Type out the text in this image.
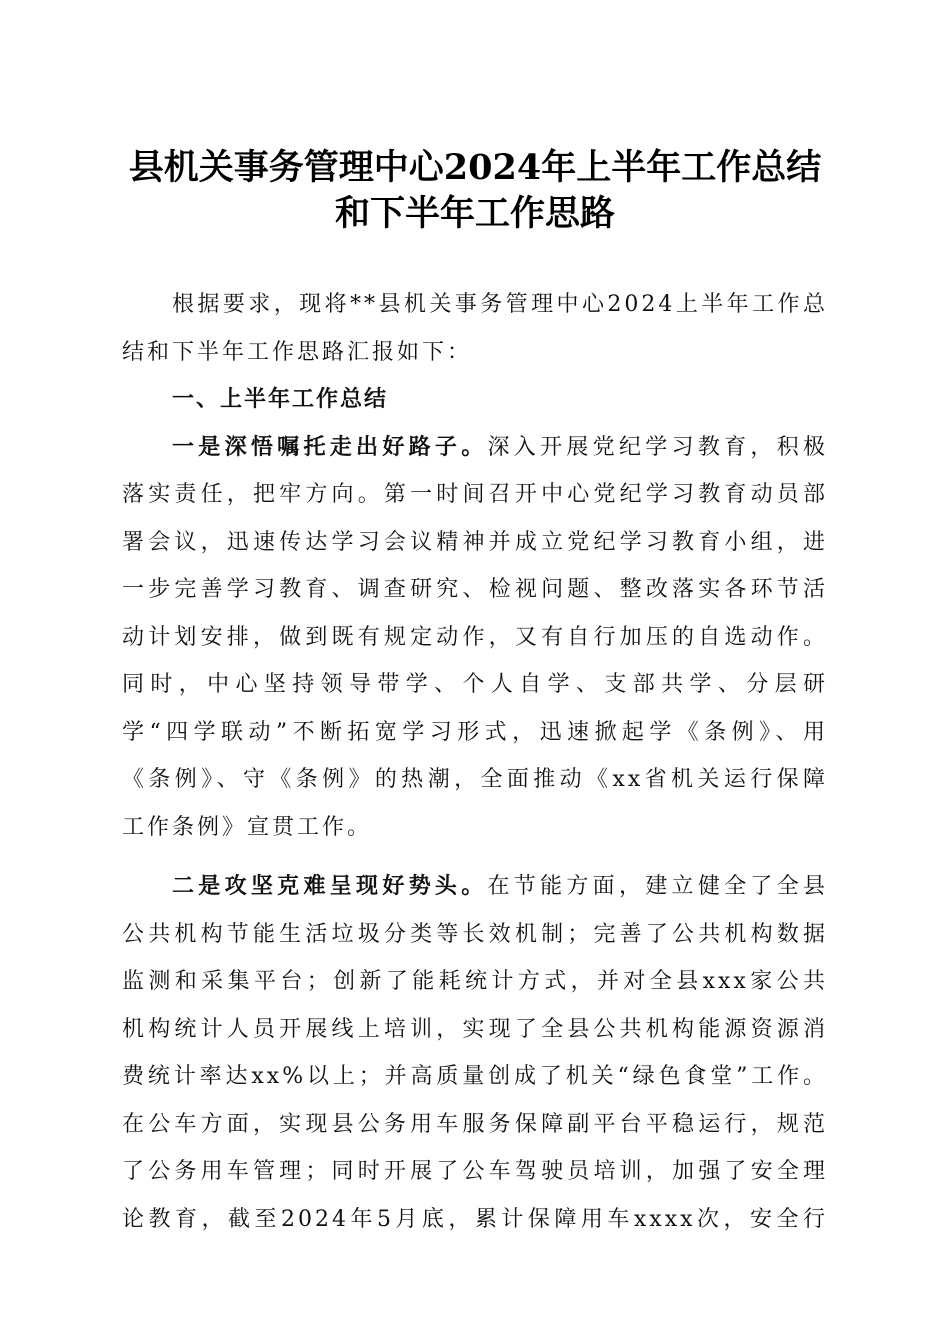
县机关事务管理中心2024年上半年工作总结
和下半年工作思路
根据要求，现将**县机关事务管理中心2024上半年工作总
结和下半年工作思路汇报如下：
一、上半年工作总结
一是深悟嘱托走出好路子。深入开展党纪学习教育，积极
落实责任，把牢方向。第一时间召开中心党纪学习教育动员部
署会议，迅速传达学习会议精神并成立党纪学习教育小组，进
一步完善学习教育、调查研究、检视问题、整改落实各环节活
动计划安排，做到既有规定动作，又有自行加压的自选动作。
同时，中心坚持领导带学、个人自学、支部共学、分层研
学“四学联动”不断拓宽学习形式，迅速掀起学《条例》、用
《条例》、守《条例》的热潮，全面推动《xx省机关运行保障
工作条例》宣贯工作。
二是攻坚克难呈现好势头。在节能方面，建立健全了全县
公共机构节能生活垃圾分类等长效机制；完善了公共机构数据
监测和采集平台；创新了能耗统计方式，并对全县xxx家公共
机构统计人员开展线上培训，实现了全县公共机构能源资源消
费统计率达xx%以上；并高质量创成了机关“绿色食堂”工作。
在公车方面，实现县公务用车服务保障副平台平稳运行，规范
了公务用车管理；同时开展了公车驾驶员培训，加强了安全理
论教育，截至2024年5月底，累计保障用车xxxx次，安全行
